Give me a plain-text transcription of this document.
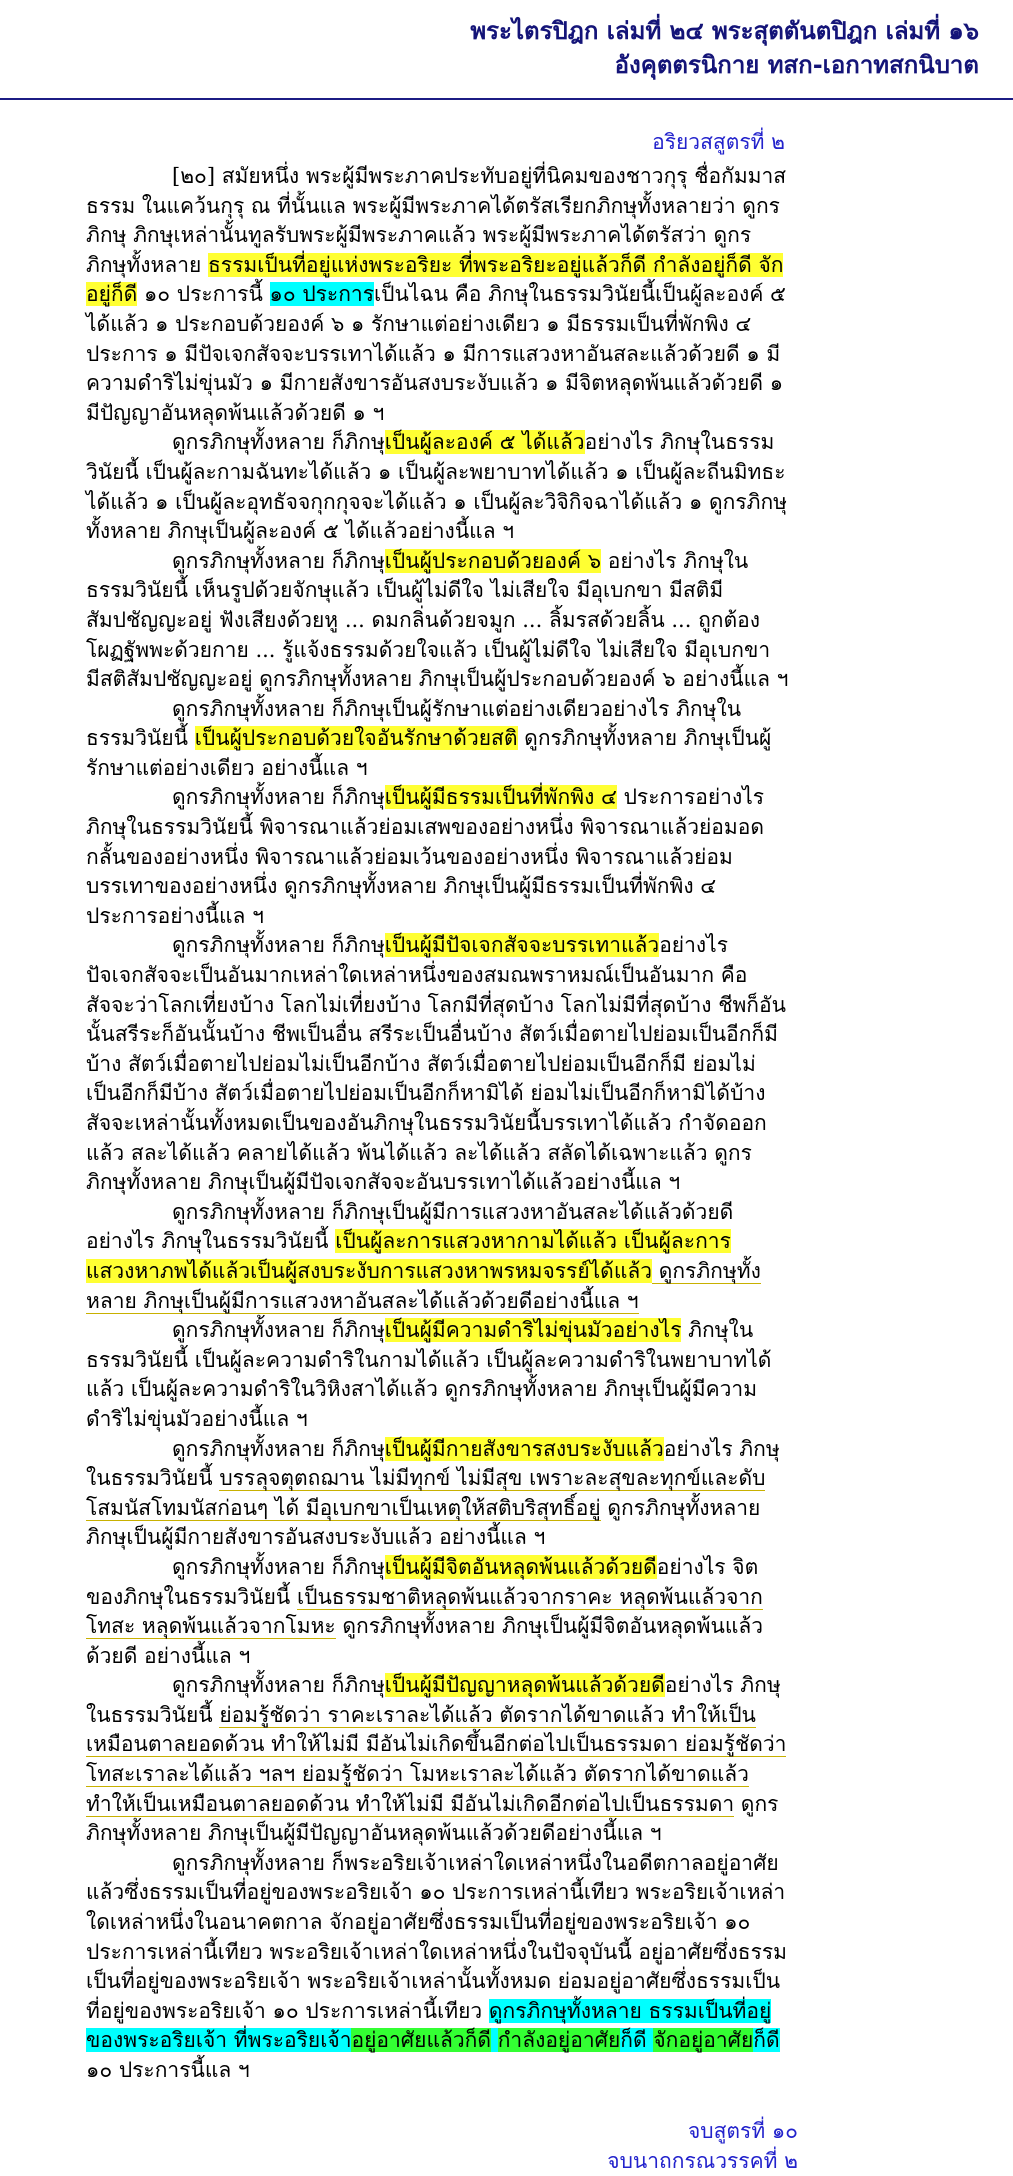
พระไตรปิฎก เล่มที่ ๒๔ พระสุตตันตปิฎก เล่มที่ ๑๖
อังคุตตรนิกาย ทสก-เอกาทสกนิบาต
อริยวสสูตรที่ ๒

[๒๐] สมัยหนึ่ง พระผู้มีพระภาคประทับอยู่ที่นิคมของชาวกุรุ ชื่อกัมมาสธรรม ในแคว้นกุรุ ณ ที่นั้นแล พระผู้มีพระภาคได้ตรัสเรียกภิกษุทั้งหลายว่า ดูกรภิกษุ ภิกษุเหล่านั้นทูลรับพระผู้มีพระภาคแล้ว พระผู้มีพระภาคได้ตรัสว่า ดูกรภิกษุทั้งหลาย ธรรมเป็นที่อยู่แห่งพระอริยะ ที่พระอริยะอยู่แล้วก็ดี กำลังอยู่ก็ดี จักอยู่ก็ดี ๑๐ ประการนี้ ๑๐ ประการเป็นไฉน คือ ภิกษุในธรรมวินัยนี้เป็นผู้ละองค์ ๕ ได้แล้ว ๑ ประกอบด้วยองค์ ๖ ๑ รักษาแต่อย่างเดียว ๑ มีธรรมเป็นที่พักพิง ๔ ประการ ๑ มีปัจเจกสัจจะบรรเทาได้แล้ว ๑ มีการแสวงหาอันสละแล้วด้วยดี ๑ มีความดำริไม่ขุ่นมัว ๑ มีกายสังขารอันสงบระงับแล้ว ๑ มีจิตหลุดพ้นแล้วด้วยดี ๑ มีปัญญาอันหลุดพ้นแล้วด้วยดี ๑ ฯ

ดูกรภิกษุทั้งหลาย ก็ภิกษุเป็นผู้ละองค์ ๕ ได้แล้วอย่างไร ภิกษุในธรรมวินัยนี้ เป็นผู้ละกามฉันทะได้แล้ว ๑ เป็นผู้ละพยาบาทได้แล้ว ๑ เป็นผู้ละถีนมิทธะได้แล้ว ๑ เป็นผู้ละอุทธัจจกุกกุจจะได้แล้ว ๑ เป็นผู้ละวิจิกิจฉาได้แล้ว ๑ ดูกรภิกษุทั้งหลาย ภิกษุเป็นผู้ละองค์ ๕ ได้แล้วอย่างนี้แล ฯ

ดูกรภิกษุทั้งหลาย ก็ภิกษุเป็นผู้ประกอบด้วยองค์ ๖ อย่างไร ภิกษุในธรรมวินัยนี้ เห็นรูปด้วยจักษุแล้ว เป็นผู้ไม่ดีใจ ไม่เสียใจ มีอุเบกขา มีสติมีสัมปชัญญะอยู่ ฟังเสียงด้วยหู ... ดมกลิ่นด้วยจมูก ... ลิ้มรสด้วยลิ้น ... ถูกต้องโผฏฐัพพะด้วยกาย ... รู้แจ้งธรรมด้วยใจแล้ว เป็นผู้ไม่ดีใจ ไม่เสียใจ มีอุเบกขา มีสติสัมปชัญญะอยู่ ดูกรภิกษุทั้งหลาย ภิกษุเป็นผู้ประกอบด้วยองค์ ๖ อย่างนี้แล ฯ

ดูกรภิกษุทั้งหลาย ก็ภิกษุเป็นผู้รักษาแต่อย่างเดียวอย่างไร ภิกษุในธรรมวินัยนี้ เป็นผู้ประกอบด้วยใจอันรักษาด้วยสติ ดูกรภิกษุทั้งหลาย ภิกษุเป็นผู้รักษาแต่อย่างเดียว อย่างนี้แล ฯ

ดูกรภิกษุทั้งหลาย ก็ภิกษุเป็นผู้มีธรรมเป็นที่พักพิง ๔ ประการอย่างไร ภิกษุในธรรมวินัยนี้ พิจารณาแล้วย่อมเสพของอย่างหนึ่ง พิจารณาแล้วย่อมอดกลั้นของอย่างหนึ่ง พิจารณาแล้วย่อมเว้นของอย่างหนึ่ง พิจารณาแล้วย่อมบรรเทาของอย่างหนึ่ง ดูกรภิกษุทั้งหลาย ภิกษุเป็นผู้มีธรรมเป็นที่พักพิง ๔ ประการอย่างนี้แล ฯ

ดูกรภิกษุทั้งหลาย ก็ภิกษุเป็นผู้มีปัจเจกสัจจะบรรเทาแล้วอย่างไร ปัจเจกสัจจะเป็นอันมากเหล่าใดเหล่าหนึ่งของสมณพราหมณ์เป็นอันมาก คือ สัจจะว่าโลกเที่ยงบ้าง โลกไม่เที่ยงบ้าง โลกมีที่สุดบ้าง โลกไม่มีที่สุดบ้าง ชีพก็อันนั้นสรีระก็อันนั้นบ้าง ชีพเป็นอื่น สรีระเป็นอื่นบ้าง สัตว์เมื่อตายไปย่อมเป็นอีกก็มีบ้าง สัตว์เมื่อตายไปย่อมไม่เป็นอีกบ้าง สัตว์เมื่อตายไปย่อมเป็นอีกก็มี ย่อมไม่เป็นอีกก็มีบ้าง สัตว์เมื่อตายไปย่อมเป็นอีกก็หามิได้ ย่อมไม่เป็นอีกก็หามิได้บ้าง สัจจะเหล่านั้นทั้งหมดเป็นของอันภิกษุในธรรมวินัยนี้บรรเทาได้แล้ว กำจัดออกแล้ว สละได้แล้ว คลายได้แล้ว พ้นได้แล้ว ละได้แล้ว สลัดได้เฉพาะแล้ว ดูกรภิกษุทั้งหลาย ภิกษุเป็นผู้มีปัจเจกสัจจะอันบรรเทาได้แล้วอย่างนี้แล ฯ

ดูกรภิกษุทั้งหลาย ก็ภิกษุเป็นผู้มีการแสวงหาอันสละได้แล้วด้วยดีอย่างไร ภิกษุในธรรมวินัยนี้ เป็นผู้ละการแสวงหากามได้แล้ว เป็นผู้ละการแสวงหาภพได้แล้วเป็นผู้สงบระงับการแสวงหาพรหมจรรย์ได้แล้ว ดูกรภิกษุทั้งหลาย ภิกษุเป็นผู้มีการแสวงหาอันสละได้แล้วด้วยดีอย่างนี้แล ฯ

ดูกรภิกษุทั้งหลาย ก็ภิกษุเป็นผู้มีความดำริไม่ขุ่นมัวอย่างไร ภิกษุในธรรมวินัยนี้ เป็นผู้ละความดำริในกามได้แล้ว เป็นผู้ละความดำริในพยาบาทได้แล้ว เป็นผู้ละความดำริในวิหิงสาได้แล้ว ดูกรภิกษุทั้งหลาย ภิกษุเป็นผู้มีความดำริไม่ขุ่นมัวอย่างนี้แล ฯ

ดูกรภิกษุทั้งหลาย ก็ภิกษุเป็นผู้มีกายสังขารสงบระงับแล้วอย่างไร ภิกษุในธรรมวินัยนี้ บรรลุจตุตถฌาน ไม่มีทุกข์ ไม่มีสุข เพราะละสุขละทุกข์และดับโสมนัสโทมนัสก่อนๆ ได้ มีอุเบกขาเป็นเหตุให้สติบริสุทธิ์อยู่ ดูกรภิกษุทั้งหลาย ภิกษุเป็นผู้มีกายสังขารอันสงบระงับแล้ว อย่างนี้แล ฯ

ดูกรภิกษุทั้งหลาย ก็ภิกษุเป็นผู้มีจิตอันหลุดพ้นแล้วด้วยดีอย่างไร จิตของภิกษุในธรรมวินัยนี้ เป็นธรรมชาติหลุดพ้นแล้วจากราคะ หลุดพ้นแล้วจากโทสะ หลุดพ้นแล้วจากโมหะ ดูกรภิกษุทั้งหลาย ภิกษุเป็นผู้มีจิตอันหลุดพ้นแล้วด้วยดี อย่างนี้แล ฯ

ดูกรภิกษุทั้งหลาย ก็ภิกษุเป็นผู้มีปัญญาหลุดพ้นแล้วด้วยดีอย่างไร ภิกษุในธรรมวินัยนี้ ย่อมรู้ชัดว่า ราคะเราละได้แล้ว ตัดรากได้ขาดแล้ว ทำให้เป็นเหมือนตาลยอดด้วน ทำให้ไม่มี มีอันไม่เกิดขึ้นอีกต่อไปเป็นธรรมดา ย่อมรู้ชัดว่า โทสะเราละได้แล้ว ฯลฯ ย่อมรู้ชัดว่า โมหะเราละได้แล้ว ตัดรากได้ขาดแล้ว ทำให้เป็นเหมือนตาลยอดด้วน ทำให้ไม่มี มีอันไม่เกิดอีกต่อไปเป็นธรรมดา ดูกรภิกษุทั้งหลาย ภิกษุเป็นผู้มีปัญญาอันหลุดพ้นแล้วด้วยดีอย่างนี้แล ฯ

ดูกรภิกษุทั้งหลาย ก็พระอริยเจ้าเหล่าใดเหล่าหนึ่งในอดีตกาลอยู่อาศัยแล้วซึ่งธรรมเป็นที่อยู่ของพระอริยเจ้า ๑๐ ประการเหล่านี้เทียว พระอริยเจ้าเหล่าใดเหล่าหนึ่งในอนาคตกาล จักอยู่อาศัยซึ่งธรรมเป็นที่อยู่ของพระอริยเจ้า ๑๐ ประการเหล่านี้เทียว พระอริยเจ้าเหล่าใดเหล่าหนึ่งในปัจจุบันนี้ อยู่อาศัยซึ่งธรรมเป็นที่อยู่ของพระอริยเจ้า พระอริยเจ้าเหล่านั้นทั้งหมด ย่อมอยู่อาศัยซึ่งธรรมเป็นที่อยู่ของพระอริยเจ้า ๑๐ ประการเหล่านี้เทียว ดูกรภิกษุทั้งหลาย ธรรมเป็นที่อยู่ของพระอริยเจ้า ที่พระอริยเจ้าอยู่อาศัยแล้วก็ดี กำลังอยู่อาศัยก็ดี จักอยู่อาศัยก็ดี ๑๐ ประการนี้แล ฯ

จบสูตรที่ ๑๐
จบนาถกรณวรรคที่ ๒
